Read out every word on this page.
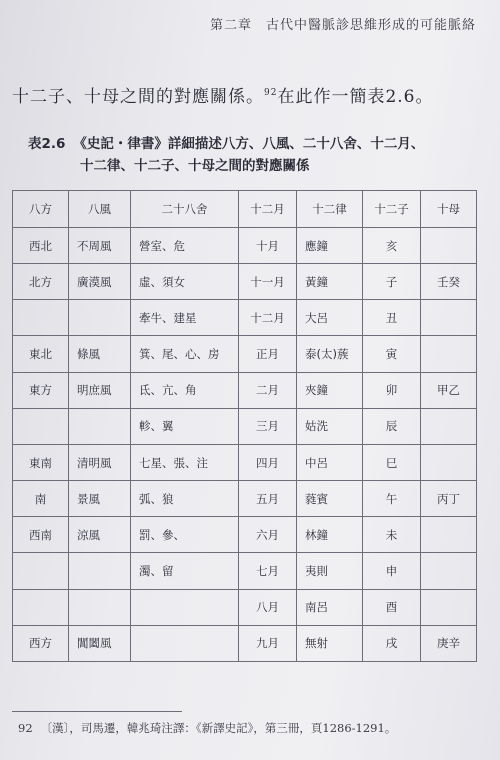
第二章　古代中醫脈診思維形成的可能脈絡
十二子、十母之間的對應關係。$^{92}$在此作一簡表2.6。
表2.6 《史記・律書》詳細描述八方、八風、二十八舍、十二月、
十二律、十二子、十母之間的對應關係
八方	八風	二十八舍	十二月	十二律	十二子	十母
西北	不周風	營室、危	十月	應鐘	亥	
北方	廣漠風	虛、須女	十一月	黃鐘	子	壬癸
		牽牛、建星	十二月	大呂	丑	
東北	條風	箕、尾、心、房	正月	泰(太)蔟	寅	
東方	明庶風	氐、亢、角	二月	夾鐘	卯	甲乙
		軫、翼	三月	姑洗	辰	
東南	清明風	七星、張、注	四月	中呂	巳	
南	景風	弧、狼	五月	蕤賓	午	丙丁
西南	涼風	罰、參、	六月	林鐘	未	
		濁、留	七月	夷則	申	
			八月	南呂	酉	
西方	閶闔風		九月	無射	戌	庚辛
92 〔漢〕，司馬遷，韓兆琦注譯：《新譯史記》，第三冊，頁1286-1291。
